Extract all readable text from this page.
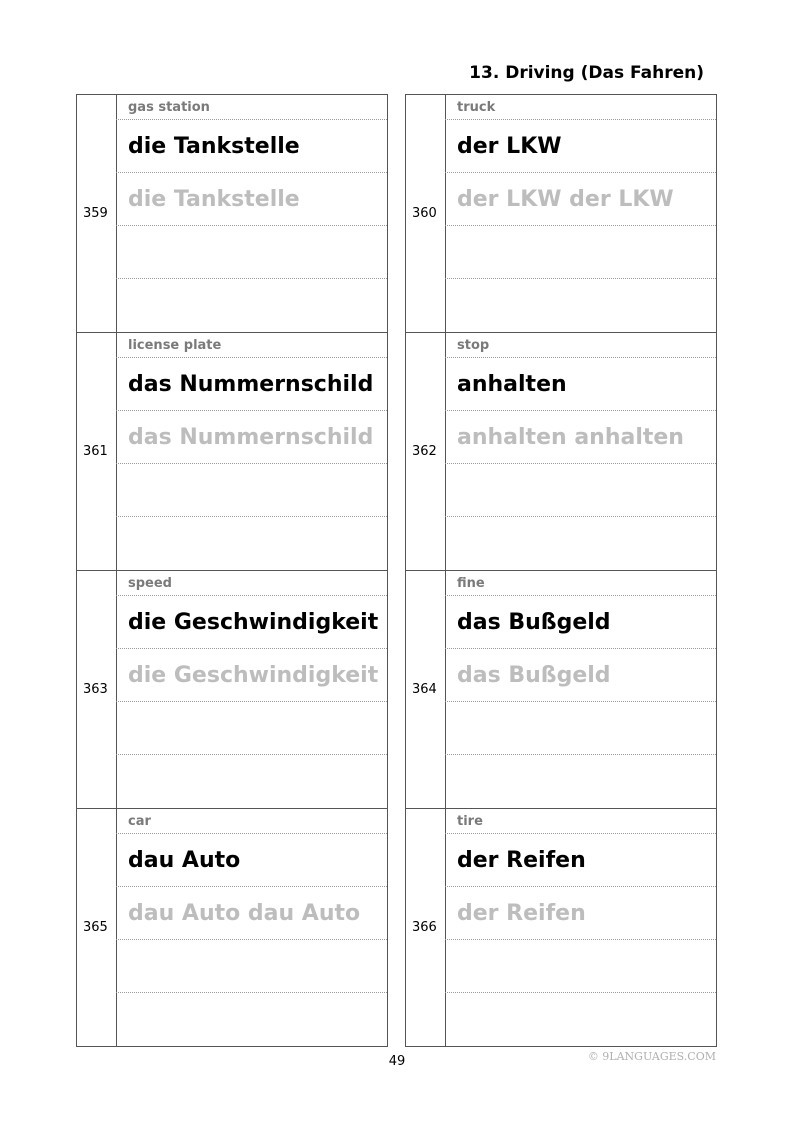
13. Driving (Das Fahren)
359
gas station
die Tankstelle
die Tankstelle
361
license plate
das Nummernschild
das Nummernschild
363
speed
die Geschwindigkeit
die Geschwindigkeit
365
car
dau Auto
dau Auto dau Auto
360
truck
der LKW
der LKW der LKW
362
stop
anhalten
anhalten anhalten
364
fine
das Bußgeld
das Bußgeld
366
tire
der Reifen
der Reifen
49	© 9LANGUAGES.COM
